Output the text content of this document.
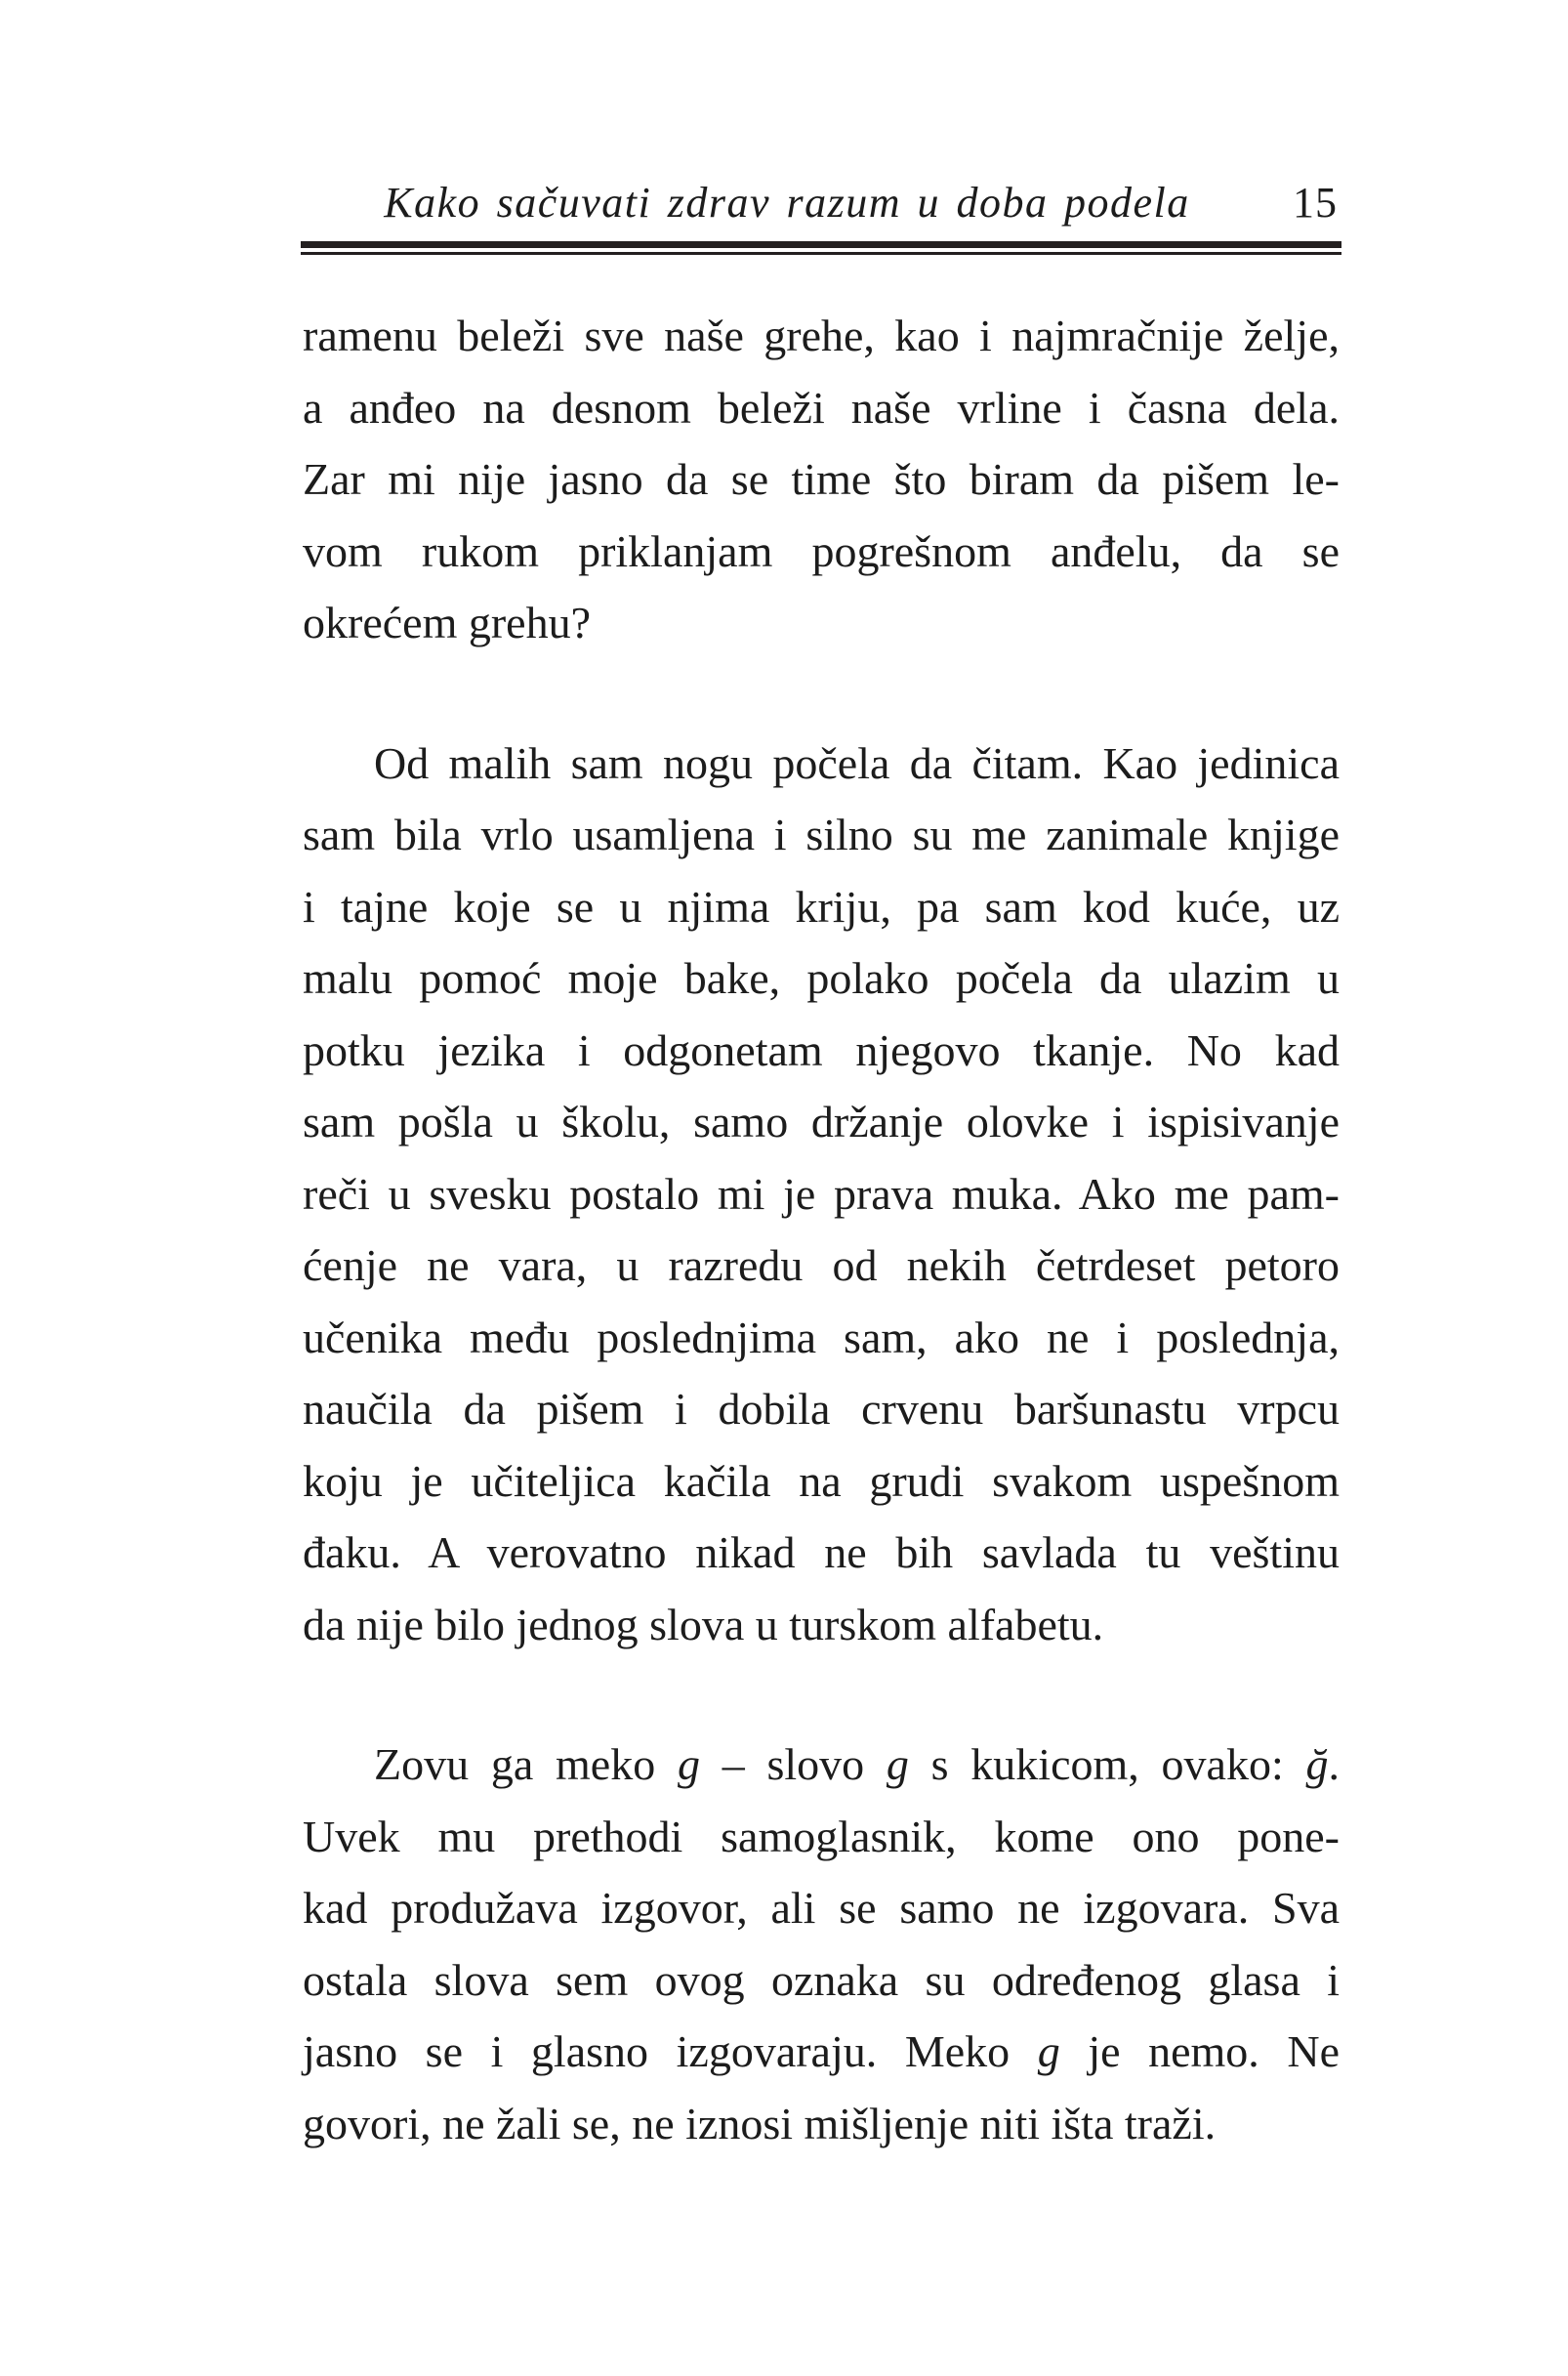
Kako sačuvati zdrav razum u doba podela	15
ramenu beleži sve naše grehe, kao i najmračnije želje,
a anđeo na desnom beleži naše vrline i časna dela.
Zar mi nije jasno da se time što biram da pišem le-
vom rukom priklanjam pogrešnom anđelu, da se
okrećem grehu?
Od malih sam nogu počela da čitam. Kao jedinica
sam bila vrlo usamljena i silno su me zanimale knjige
i tajne koje se u njima kriju, pa sam kod kuće, uz
malu pomoć moje bake, polako počela da ulazim u
potku jezika i odgonetam njegovo tkanje. No kad
sam pošla u školu, samo držanje olovke i ispisivanje
reči u svesku postalo mi je prava muka. Ako me pam-
ćenje ne vara, u razredu od nekih četrdeset petoro
učenika među poslednjima sam, ako ne i poslednja,
naučila da pišem i dobila crvenu baršunastu vrpcu
koju je učiteljica kačila na grudi svakom uspešnom
đaku. A verovatno nikad ne bih savlada tu veštinu
da nije bilo jednog slova u turskom alfabetu.
Zovu ga meko g – slovo g s kukicom, ovako: ğ.
Uvek mu prethodi samoglasnik, kome ono pone-
kad produžava izgovor, ali se samo ne izgovara. Sva
ostala slova sem ovog oznaka su određenog glasa i
jasno se i glasno izgovaraju. Meko g je nemo. Ne
govori, ne žali se, ne iznosi mišljenje niti išta traži.
